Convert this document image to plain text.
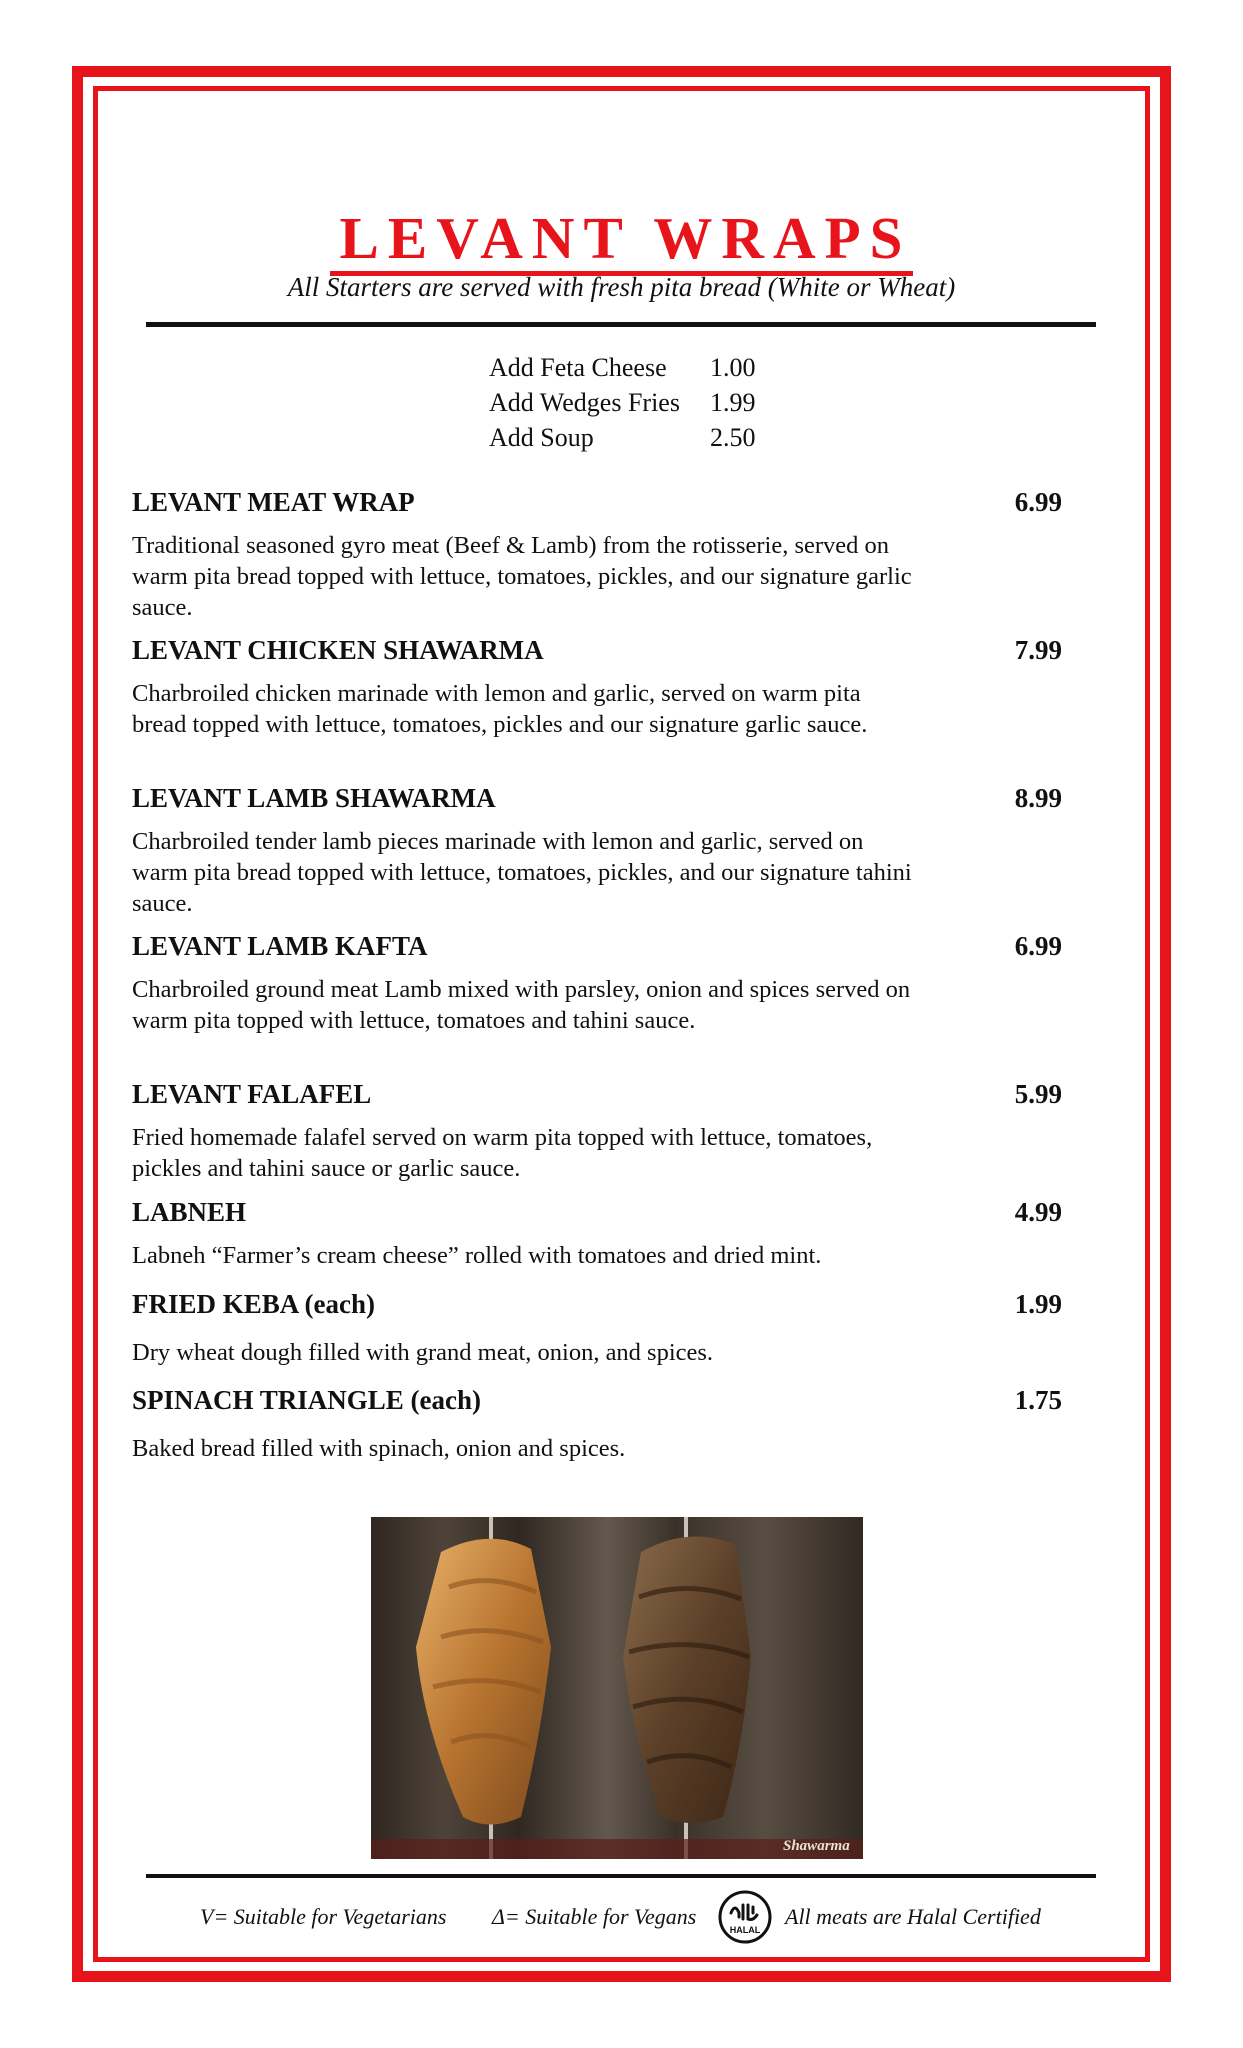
LEVANT WRAPS
All Starters are served with fresh pita bread (White or Wheat)
Add Feta Cheese	1.00
Add Wedges Fries	1.99
Add Soup	2.50
LEVANT MEAT WRAP	6.99
Traditional seasoned gyro meat (Beef & Lamb) from the rotisserie, served on warm pita bread topped with lettuce, tomatoes, pickles, and our signature garlic sauce.
LEVANT CHICKEN SHAWARMA	7.99
Charbroiled chicken marinade with lemon and garlic, served on warm pita bread topped with lettuce, tomatoes, pickles and our signature garlic sauce.
LEVANT LAMB SHAWARMA	8.99
Charbroiled tender lamb pieces marinade with lemon and garlic, served on warm pita bread topped with lettuce, tomatoes, pickles, and our signature tahini sauce.
LEVANT LAMB KAFTA	6.99
Charbroiled ground meat Lamb mixed with parsley, onion and spices served on warm pita topped with lettuce, tomatoes and tahini sauce.
LEVANT FALAFEL	5.99
Fried homemade falafel served on warm pita topped with lettuce, tomatoes, pickles and tahini sauce or garlic sauce.
LABNEH	4.99
Labneh “Farmer’s cream cheese” rolled with tomatoes and dried mint.
FRIED KEBA (each)	1.99
Dry wheat dough filled with grand meat, onion, and spices.
SPINACH TRIANGLE (each)	1.75
Baked bread filled with spinach, onion and spices.
Shawarma
V= Suitable for Vegetarians Δ= Suitable for Vegans	All meats are Halal Certified
HALAL
